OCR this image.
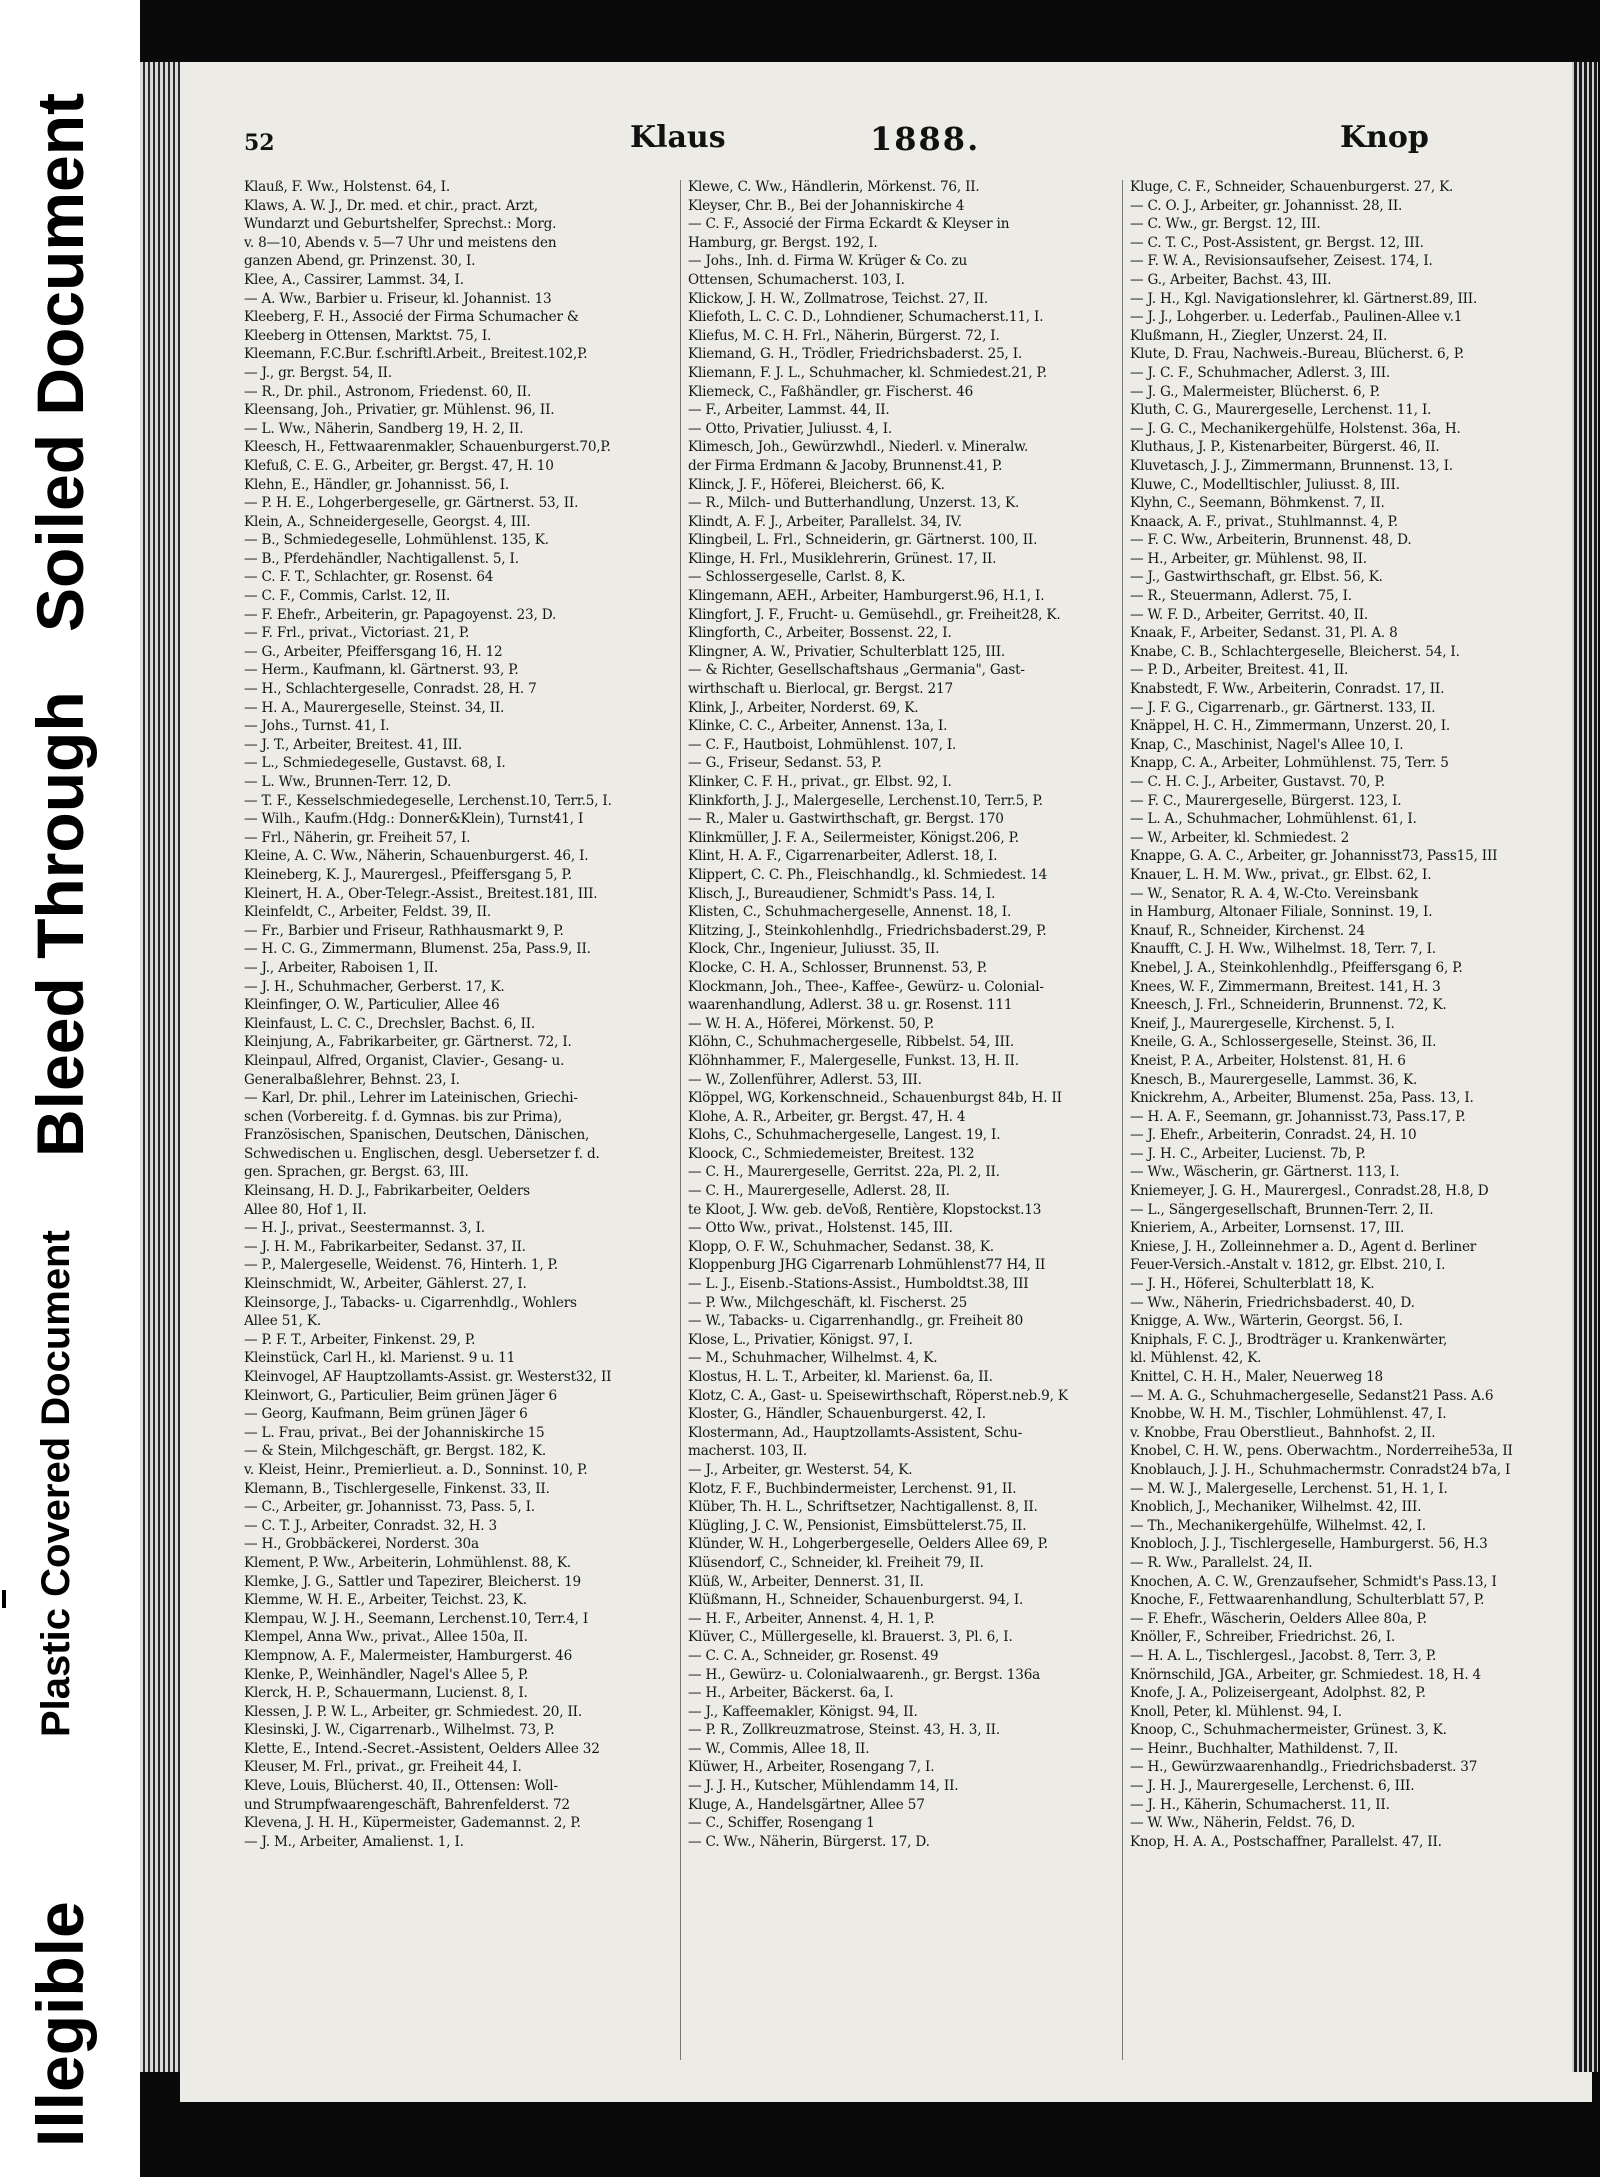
Illegible
Plastic Covered Document
Bleed Through
Soiled Document	52	Klaus	1888.	Knop
Klauß, F. Ww., Holstenst. 64, I.
Klaws, A. W. J., Dr. med. et chir., pract. Arzt,
Wundarzt und Geburtshelfer, Sprechst.: Morg.
v. 8—10, Abends v. 5—7 Uhr und meistens den
ganzen Abend, gr. Prinzenst. 30, I.
Klee, A., Cassirer, Lammst. 34, I.
— A. Ww., Barbier u. Friseur, kl. Johannist. 13
Kleeberg, F. H., Associé der Firma Schumacher &
Kleeberg in Ottensen, Marktst. 75, I.
Kleemann, F.C.Bur. f.schriftl.Arbeit., Breitest.102,P.
— J., gr. Bergst. 54, II.
— R., Dr. phil., Astronom, Friedenst. 60, II.
Kleensang, Joh., Privatier, gr. Mühlenst. 96, II.
— L. Ww., Näherin, Sandberg 19, H. 2, II.
Kleesch, H., Fettwaarenmakler, Schauenburgerst.70,P.
Klefuß, C. E. G., Arbeiter, gr. Bergst. 47, H. 10
Klehn, E., Händler, gr. Johannisst. 56, I.
— P. H. E., Lohgerbergeselle, gr. Gärtnerst. 53, II.
Klein, A., Schneidergeselle, Georgst. 4, III.
— B., Schmiedegeselle, Lohmühlenst. 135, K.
— B., Pferdehändler, Nachtigallenst. 5, I.
— C. F. T., Schlachter, gr. Rosenst. 64
— C. F., Commis, Carlst. 12, II.
— F. Ehefr., Arbeiterin, gr. Papagoyenst. 23, D.
— F. Frl., privat., Victoriast. 21, P.
— G., Arbeiter, Pfeiffersgang 16, H. 12
— Herm., Kaufmann, kl. Gärtnerst. 93, P.
— H., Schlachtergeselle, Conradst. 28, H. 7
— H. A., Maurergeselle, Steinst. 34, II.
— Johs., Turnst. 41, I.
— J. T., Arbeiter, Breitest. 41, III.
— L., Schmiedegeselle, Gustavst. 68, I.
— L. Ww., Brunnen-Terr. 12, D.
— T. F., Kesselschmiedegeselle, Lerchenst.10, Terr.5, I.
— Wilh., Kaufm.(Hdg.: Donner&Klein), Turnst41, I
— Frl., Näherin, gr. Freiheit 57, I.
Kleine, A. C. Ww., Näherin, Schauenburgerst. 46, I.
Kleineberg, K. J., Maurergesl., Pfeiffersgang 5, P.
Kleinert, H. A., Ober-Telegr.-Assist., Breitest.181, III.
Kleinfeldt, C., Arbeiter, Feldst. 39, II.
— Fr., Barbier und Friseur, Rathhausmarkt 9, P.
— H. C. G., Zimmermann, Blumenst. 25a, Pass.9, II.
— J., Arbeiter, Raboisen 1, II.
— J. H., Schuhmacher, Gerberst. 17, K.
Kleinfinger, O. W., Particulier, Allee 46
Kleinfaust, L. C. C., Drechsler, Bachst. 6, II.
Kleinjung, A., Fabrikarbeiter, gr. Gärtnerst. 72, I.
Kleinpaul, Alfred, Organist, Clavier-, Gesang- u.
Generalbaßlehrer, Behnst. 23, I.
— Karl, Dr. phil., Lehrer im Lateinischen, Griechi-
schen (Vorbereitg. f. d. Gymnas. bis zur Prima),
Französischen, Spanischen, Deutschen, Dänischen,
Schwedischen u. Englischen, desgl. Uebersetzer f. d.
gen. Sprachen, gr. Bergst. 63, III.
Kleinsang, H. D. J., Fabrikarbeiter, Oelders
Allee 80, Hof 1, II.
— H. J., privat., Seestermannst. 3, I.
— J. H. M., Fabrikarbeiter, Sedanst. 37, II.
— P., Malergeselle, Weidenst. 76, Hinterh. 1, P.
Kleinschmidt, W., Arbeiter, Gählerst. 27, I.
Kleinsorge, J., Tabacks- u. Cigarrenhdlg., Wohlers
Allee 51, K.
— P. F. T., Arbeiter, Finkenst. 29, P.
Kleinstück, Carl H., kl. Marienst. 9 u. 11
Kleinvogel, AF Hauptzollamts-Assist. gr. Westerst32, II
Kleinwort, G., Particulier, Beim grünen Jäger 6
— Georg, Kaufmann, Beim grünen Jäger 6
— L. Frau, privat., Bei der Johanniskirche 15
— & Stein, Milchgeschäft, gr. Bergst. 182, K.
v. Kleist, Heinr., Premierlieut. a. D., Sonninst. 10, P.
Klemann, B., Tischlergeselle, Finkenst. 33, II.
— C., Arbeiter, gr. Johannisst. 73, Pass. 5, I.
— C. T. J., Arbeiter, Conradst. 32, H. 3
— H., Grobbäckerei, Norderst. 30a
Klement, P. Ww., Arbeiterin, Lohmühlenst. 88, K.
Klemke, J. G., Sattler und Tapezirer, Bleicherst. 19
Klemme, W. H. E., Arbeiter, Teichst. 23, K.
Klempau, W. J. H., Seemann, Lerchenst.10, Terr.4, I
Klempel, Anna Ww., privat., Allee 150a, II.
Klempnow, A. F., Malermeister, Hamburgerst. 46
Klenke, P., Weinhändler, Nagel's Allee 5, P.
Klerck, H. P., Schauermann, Lucienst. 8, I.
Klessen, J. P. W. L., Arbeiter, gr. Schmiedest. 20, II.
Klesinski, J. W., Cigarrenarb., Wilhelmst. 73, P.
Klette, E., Intend.-Secret.-Assistent, Oelders Allee 32
Kleuser, M. Frl., privat., gr. Freiheit 44, I.
Kleve, Louis, Blücherst. 40, II., Ottensen: Woll-
und Strumpfwaarengeschäft, Bahrenfelderst. 72
Klevena, J. H. H., Küpermeister, Gademannst. 2, P.
— J. M., Arbeiter, Amalienst. 1, I.
Klewe, C. Ww., Händlerin, Mörkenst. 76, II.
Kleyser, Chr. B., Bei der Johanniskirche 4
— C. F., Associé der Firma Eckardt & Kleyser in
Hamburg, gr. Bergst. 192, I.
— Johs., Inh. d. Firma W. Krüger & Co. zu
Ottensen, Schumacherst. 103, I.
Klickow, J. H. W., Zollmatrose, Teichst. 27, II.
Kliefoth, L. C. C. D., Lohndiener, Schumacherst.11, I.
Kliefus, M. C. H. Frl., Näherin, Bürgerst. 72, I.
Kliemand, G. H., Trödler, Friedrichsbaderst. 25, I.
Kliemann, F. J. L., Schuhmacher, kl. Schmiedest.21, P.
Kliemeck, C., Faßhändler, gr. Fischerst. 46
— F., Arbeiter, Lammst. 44, II.
— Otto, Privatier, Juliusst. 4, I.
Klimesch, Joh., Gewürzwhdl., Niederl. v. Mineralw.
der Firma Erdmann & Jacoby, Brunnenst.41, P.
Klinck, J. F., Höferei, Bleicherst. 66, K.
— R., Milch- und Butterhandlung, Unzerst. 13, K.
Klindt, A. F. J., Arbeiter, Parallelst. 34, IV.
Klingbeil, L. Frl., Schneiderin, gr. Gärtnerst. 100, II.
Klinge, H. Frl., Musiklehrerin, Grünest. 17, II.
— Schlossergeselle, Carlst. 8, K.
Klingemann, AEH., Arbeiter, Hamburgerst.96, H.1, I.
Klingfort, J. F., Frucht- u. Gemüsehdl., gr. Freiheit28, K.
Klingforth, C., Arbeiter, Bossenst. 22, I.
Klingner, A. W., Privatier, Schulterblatt 125, III.
— & Richter, Gesellschaftshaus „Germania", Gast-
wirthschaft u. Bierlocal, gr. Bergst. 217
Klink, J., Arbeiter, Norderst. 69, K.
Klinke, C. C., Arbeiter, Annenst. 13a, I.
— C. F., Hautboist, Lohmühlenst. 107, I.
— G., Friseur, Sedanst. 53, P.
Klinker, C. F. H., privat., gr. Elbst. 92, I.
Klinkforth, J. J., Malergeselle, Lerchenst.10, Terr.5, P.
— R., Maler u. Gastwirthschaft, gr. Bergst. 170
Klinkmüller, J. F. A., Seilermeister, Königst.206, P.
Klint, H. A. F., Cigarrenarbeiter, Adlerst. 18, I.
Klippert, C. C. Ph., Fleischhandlg., kl. Schmiedest. 14
Klisch, J., Bureaudiener, Schmidt's Pass. 14, I.
Klisten, C., Schuhmachergeselle, Annenst. 18, I.
Klitzing, J., Steinkohlenhdlg., Friedrichsbaderst.29, P.
Klock, Chr., Ingenieur, Juliusst. 35, II.
Klocke, C. H. A., Schlosser, Brunnenst. 53, P.
Klockmann, Joh., Thee-, Kaffee-, Gewürz- u. Colonial-
waarenhandlung, Adlerst. 38 u. gr. Rosenst. 111
— W. H. A., Höferei, Mörkenst. 50, P.
Klöhn, C., Schuhmachergeselle, Ribbelst. 54, III.
Klöhnhammer, F., Malergeselle, Funkst. 13, H. II.
— W., Zollenführer, Adlerst. 53, III.
Klöppel, WG, Korkenschneid., Schauenburgst 84b, H. II
Klohe, A. R., Arbeiter, gr. Bergst. 47, H. 4
Klohs, C., Schuhmachergeselle, Langest. 19, I.
Kloock, C., Schmiedemeister, Breitest. 132
— C. H., Maurergeselle, Gerritst. 22a, Pl. 2, II.
— C. H., Maurergeselle, Adlerst. 28, II.
te Kloot, J. Ww. geb. deVoß, Rentière, Klopstockst.13
— Otto Ww., privat., Holstenst. 145, III.
Klopp, O. F. W., Schuhmacher, Sedanst. 38, K.
Kloppenburg JHG Cigarrenarb Lohmühlenst77 H4, II
— L. J., Eisenb.-Stations-Assist., Humboldtst.38, III
— P. Ww., Milchgeschäft, kl. Fischerst. 25
— W., Tabacks- u. Cigarrenhandlg., gr. Freiheit 80
Klose, L., Privatier, Königst. 97, I.
— M., Schuhmacher, Wilhelmst. 4, K.
Klostus, H. L. T., Arbeiter, kl. Marienst. 6a, II.
Klotz, C. A., Gast- u. Speisewirthschaft, Röperst.neb.9, K
Kloster, G., Händler, Schauenburgerst. 42, I.
Klostermann, Ad., Hauptzollamts-Assistent, Schu-
macherst. 103, II.
— J., Arbeiter, gr. Westerst. 54, K.
Klotz, F. F., Buchbindermeister, Lerchenst. 91, II.
Klüber, Th. H. L., Schriftsetzer, Nachtigallenst. 8, II.
Klügling, J. C. W., Pensionist, Eimsbüttelerst.75, II.
Klünder, W. H., Lohgerbergeselle, Oelders Allee 69, P.
Klüsendorf, C., Schneider, kl. Freiheit 79, II.
Klüß, W., Arbeiter, Dennerst. 31, II.
Klüßmann, H., Schneider, Schauenburgerst. 94, I.
— H. F., Arbeiter, Annenst. 4, H. 1, P.
Klüver, C., Müllergeselle, kl. Brauerst. 3, Pl. 6, I.
— C. C. A., Schneider, gr. Rosenst. 49
— H., Gewürz- u. Colonialwaarenh., gr. Bergst. 136a
— H., Arbeiter, Bäckerst. 6a, I.
— J., Kaffeemakler, Königst. 94, II.
— P. R., Zollkreuzmatrose, Steinst. 43, H. 3, II.
— W., Commis, Allee 18, II.
Klüwer, H., Arbeiter, Rosengang 7, I.
— J. J. H., Kutscher, Mühlendamm 14, II.
Kluge, A., Handelsgärtner, Allee 57
— C., Schiffer, Rosengang 1
— C. Ww., Näherin, Bürgerst. 17, D.
Kluge, C. F., Schneider, Schauenburgerst. 27, K.
— C. O. J., Arbeiter, gr. Johannisst. 28, II.
— C. Ww., gr. Bergst. 12, III.
— C. T. C., Post-Assistent, gr. Bergst. 12, III.
— F. W. A., Revisionsaufseher, Zeisest. 174, I.
— G., Arbeiter, Bachst. 43, III.
— J. H., Kgl. Navigationslehrer, kl. Gärtnerst.89, III.
— J. J., Lohgerber. u. Lederfab., Paulinen-Allee v.1
Klußmann, H., Ziegler, Unzerst. 24, II.
Klute, D. Frau, Nachweis.-Bureau, Blücherst. 6, P.
— J. C. F., Schuhmacher, Adlerst. 3, III.
— J. G., Malermeister, Blücherst. 6, P.
Kluth, C. G., Maurergeselle, Lerchenst. 11, I.
— J. G. C., Mechanikergehülfe, Holstenst. 36a, H.
Kluthaus, J. P., Kistenarbeiter, Bürgerst. 46, II.
Kluvetasch, J. J., Zimmermann, Brunnenst. 13, I.
Kluwe, C., Modelltischler, Juliusst. 8, III.
Klyhn, C., Seemann, Böhmkenst. 7, II.
Knaack, A. F., privat., Stuhlmannst. 4, P.
— F. C. Ww., Arbeiterin, Brunnenst. 48, D.
— H., Arbeiter, gr. Mühlenst. 98, II.
— J., Gastwirthschaft, gr. Elbst. 56, K.
— R., Steuermann, Adlerst. 75, I.
— W. F. D., Arbeiter, Gerritst. 40, II.
Knaak, F., Arbeiter, Sedanst. 31, Pl. A. 8
Knabe, C. B., Schlachtergeselle, Bleicherst. 54, I.
— P. D., Arbeiter, Breitest. 41, II.
Knabstedt, F. Ww., Arbeiterin, Conradst. 17, II.
— J. F. G., Cigarrenarb., gr. Gärtnerst. 133, II.
Knäppel, H. C. H., Zimmermann, Unzerst. 20, I.
Knap, C., Maschinist, Nagel's Allee 10, I.
Knapp, C. A., Arbeiter, Lohmühlenst. 75, Terr. 5
— C. H. C. J., Arbeiter, Gustavst. 70, P.
— F. C., Maurergeselle, Bürgerst. 123, I.
— L. A., Schuhmacher, Lohmühlenst. 61, I.
— W., Arbeiter, kl. Schmiedest. 2
Knappe, G. A. C., Arbeiter, gr. Johannisst73, Pass15, III
Knauer, L. H. M. Ww., privat., gr. Elbst. 62, I.
— W., Senator, R. A. 4, W.-Cto. Vereinsbank
in Hamburg, Altonaer Filiale, Sonninst. 19, I.
Knauf, R., Schneider, Kirchenst. 24
Knaufft, C. J. H. Ww., Wilhelmst. 18, Terr. 7, I.
Knebel, J. A., Steinkohlenhdlg., Pfeiffersgang 6, P.
Knees, W. F., Zimmermann, Breitest. 141, H. 3
Kneesch, J. Frl., Schneiderin, Brunnenst. 72, K.
Kneif, J., Maurergeselle, Kirchenst. 5, I.
Kneile, G. A., Schlossergeselle, Steinst. 36, II.
Kneist, P. A., Arbeiter, Holstenst. 81, H. 6
Knesch, B., Maurergeselle, Lammst. 36, K.
Knickrehm, A., Arbeiter, Blumenst. 25a, Pass. 13, I.
— H. A. F., Seemann, gr. Johannisst.73, Pass.17, P.
— J. Ehefr., Arbeiterin, Conradst. 24, H. 10
— J. H. C., Arbeiter, Lucienst. 7b, P.
— Ww., Wäscherin, gr. Gärtnerst. 113, I.
Kniemeyer, J. G. H., Maurergesl., Conradst.28, H.8, D
— L., Sängergesellschaft, Brunnen-Terr. 2, II.
Knieriem, A., Arbeiter, Lornsenst. 17, III.
Kniese, J. H., Zolleinnehmer a. D., Agent d. Berliner
Feuer-Versich.-Anstalt v. 1812, gr. Elbst. 210, I.
— J. H., Höferei, Schulterblatt 18, K.
— Ww., Näherin, Friedrichsbaderst. 40, D.
Knigge, A. Ww., Wärterin, Georgst. 56, I.
Kniphals, F. C. J., Brodträger u. Krankenwärter,
kl. Mühlenst. 42, K.
Knittel, C. H. H., Maler, Neuerweg 18
— M. A. G., Schuhmachergeselle, Sedanst21 Pass. A.6
Knobbe, W. H. M., Tischler, Lohmühlenst. 47, I.
v. Knobbe, Frau Oberstlieut., Bahnhofst. 2, II.
Knobel, C. H. W., pens. Oberwachtm., Norderreihe53a, II
Knoblauch, J. J. H., Schuhmachermstr. Conradst24 b7a, I
— M. W. J., Malergeselle, Lerchenst. 51, H. 1, I.
Knoblich, J., Mechaniker, Wilhelmst. 42, III.
— Th., Mechanikergehülfe, Wilhelmst. 42, I.
Knobloch, J. J., Tischlergeselle, Hamburgerst. 56, H.3
— R. Ww., Parallelst. 24, II.
Knochen, A. C. W., Grenzaufseher, Schmidt's Pass.13, I
Knoche, F., Fettwaarenhandlung, Schulterblatt 57, P.
— F. Ehefr., Wäscherin, Oelders Allee 80a, P.
Knöller, F., Schreiber, Friedrichst. 26, I.
— H. A. L., Tischlergesl., Jacobst. 8, Terr. 3, P.
Knörnschild, JGA., Arbeiter, gr. Schmiedest. 18, H. 4
Knofe, J. A., Polizeisergeant, Adolphst. 82, P.
Knoll, Peter, kl. Mühlenst. 94, I.
Knoop, C., Schuhmachermeister, Grünest. 3, K.
— Heinr., Buchhalter, Mathildenst. 7, II.
— H., Gewürzwaarenhandlg., Friedrichsbaderst. 37
— J. H. J., Maurergeselle, Lerchenst. 6, III.
— J. H., Käherin, Schumacherst. 11, II.
— W. Ww., Näherin, Feldst. 76, D.
Knop, H. A. A., Postschaffner, Parallelst. 47, II.
